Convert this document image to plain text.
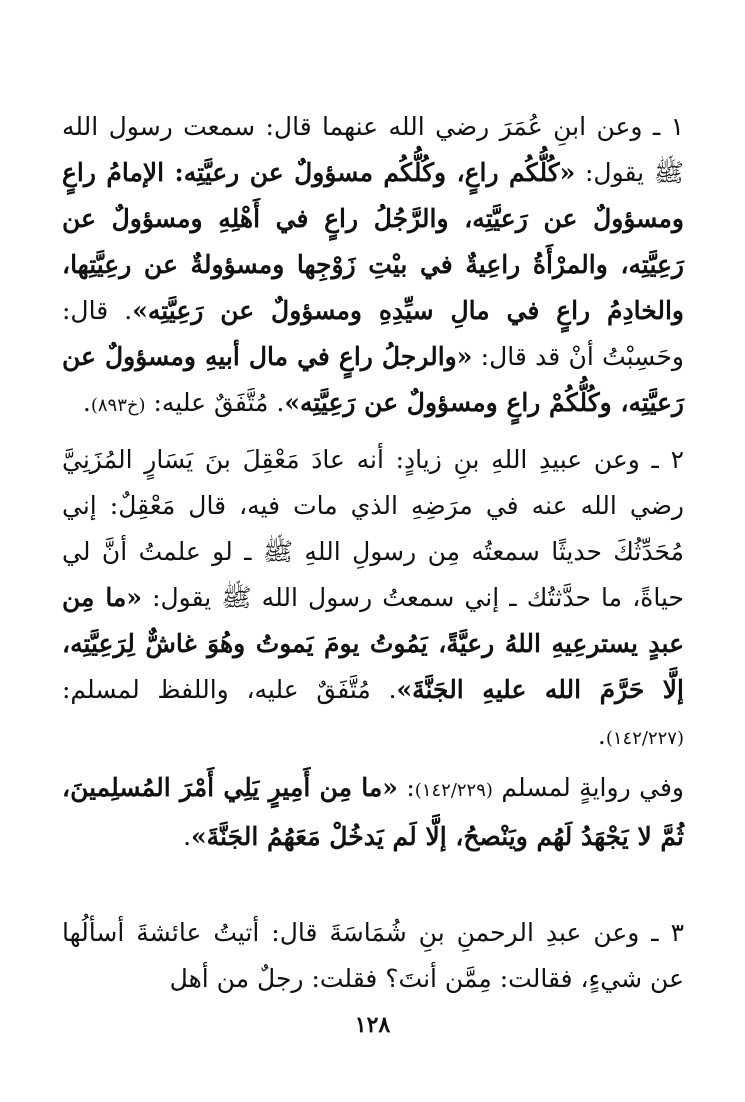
١ ـ وعن ابنِ عُمَرَ رضي الله عنهما قال: سمعت رسول الله ﷺ يقول: «كُلُّكُم راعٍ، وكُلُّكُم مسؤولٌ عن رعيَّتِه: الإمامُ راعٍ ومسؤولٌ عن رَعيَّتِه، والرَّجُلُ راعٍ في أَهْلِهِ ومسؤولٌ عن رَعِيَّتِه، والمرْأَةُ راعِيةٌ في بيْتِ زَوْجِها ومسؤولةٌ عن رعِيَّتِها، والخادِمُ راعٍ في مالِ سيِّدِهِ ومسؤولٌ عن رَعِيَّتِه». قال: وحَسِبْتُ أنْ قد قال: «والرجلُ راعٍ في مال أبيهِ ومسؤولٌ عن رَعيَّتِه، وكُلُّكُمْ راعٍ ومسؤولٌ عن رَعِيَّتِه». مُتَّفَقٌ عليه: (خ٨٩٣).

٢ ـ وعن عبيدِ اللهِ بنِ زيادٍ: أنه عادَ مَعْقِلَ بنَ يَسَارٍ المُزَنِيَّ رضي الله عنه في مرَضِهِ الذي مات فيه، قال مَعْقِلٌ: إني مُحَدِّثُكَ حديثًا سمعتُه مِن رسولِ اللهِ ﷺ ـ لو علمتُ أنَّ لي حياةً، ما حدَّثتُك ـ إني سمعتُ رسول الله ﷺ يقول: «ما مِن عبدٍ يسترعِيهِ اللهُ رعيَّةً، يَمُوتُ يومَ يَموتُ وهُوَ غاشٌّ لِرَعِيَّتِه، إلَّا حَرَّمَ الله عليهِ الجَنَّةَ». مُتَّفَقٌ عليه، واللفظ لمسلم: (١٤٢/٢٢٧).

وفي روايةٍ لمسلم (١٤٢/٢٢٩): «ما مِن أَمِيرٍ يَلِي أَمْرَ المُسلِمينَ، ثُمَّ لا يَجْهَدُ لَهُم ويَنْصحُ، إلَّا لَم يَدخُلْ مَعَهُمُ الجَنَّةَ».

٣ ـ وعن عبدِ الرحمنِ بنِ شُمَاسَةَ قال: أتيتُ عائشةَ أسألُها عن شيءٍ، فقالت: مِمَّن أنتَ؟ فقلت: رجلٌ من أهل

١٢٨
